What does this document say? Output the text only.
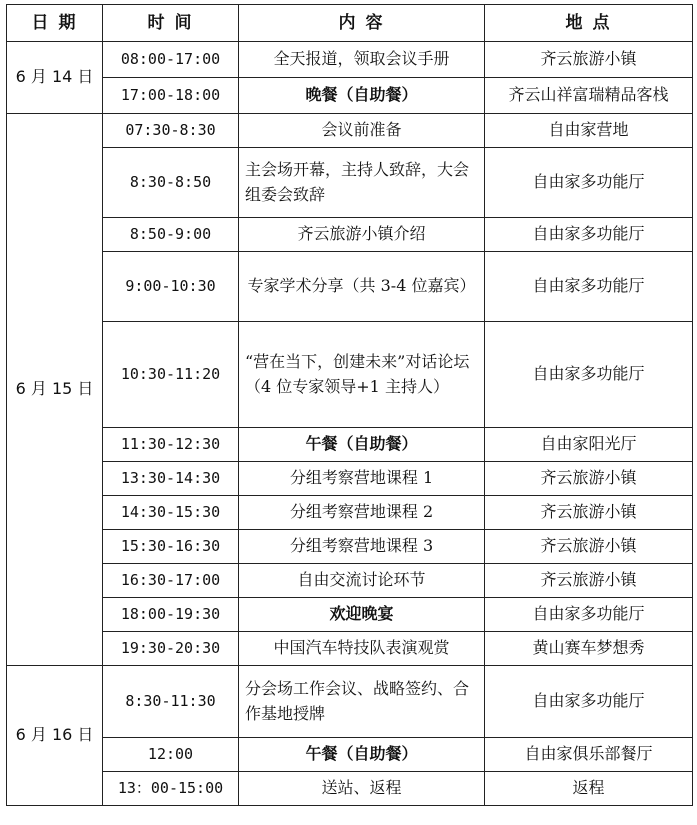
日 期	时 间	内 容	地 点
6 月 14 日	08:00-17:00	全天报道，领取会议手册	齐云旅游小镇
	17:00-18:00	晚餐（自助餐）	齐云山祥富瑞精品客栈
6 月 15 日	07:30-8:30	会议前准备	自由家营地
	8:30-8:50	主会场开幕，主持人致辞，大会组委会致辞	自由家多功能厅
	8:50-9:00	齐云旅游小镇介绍	自由家多功能厅
	9:00-10:30	专家学术分享（共 3-4 位嘉宾）	自由家多功能厅
	10:30-11:20	“营在当下，创建未来”对话论坛（4 位专家领导+1 主持人）	自由家多功能厅
	11:30-12:30	午餐（自助餐）	自由家阳光厅
	13:30-14:30	分组考察营地课程 1	齐云旅游小镇
	14:30-15:30	分组考察营地课程 2	齐云旅游小镇
	15:30-16:30	分组考察营地课程 3	齐云旅游小镇
	16:30-17:00	自由交流讨论环节	齐云旅游小镇
	18:00-19:30	欢迎晚宴	自由家多功能厅
	19:30-20:30	中国汽车特技队表演观赏	黄山赛车梦想秀
6 月 16 日	8:30-11:30	分会场工作会议、战略签约、合作基地授牌	自由家多功能厅
	12:00	午餐（自助餐）	自由家俱乐部餐厅
	13：00-15:00	送站、返程	返程
